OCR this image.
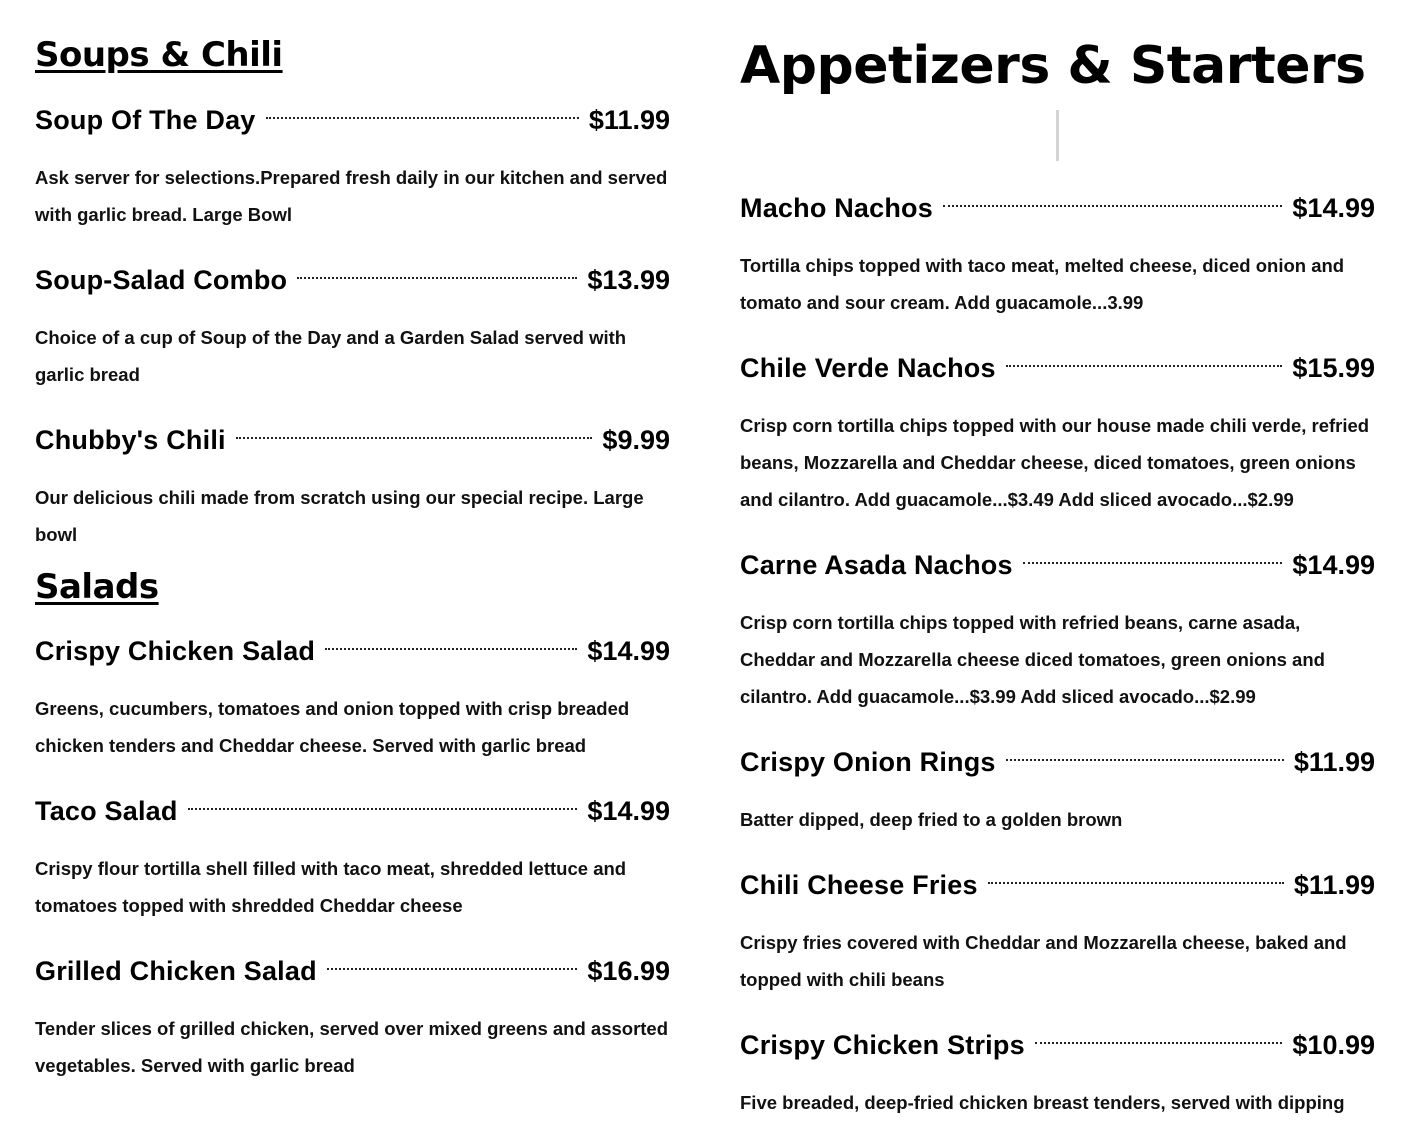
Soups & Chili
Soup Of The Day	$11.99
Ask server for selections.Prepared fresh daily in our kitchen and served with garlic bread. Large Bowl
Soup-Salad Combo	$13.99
Choice of a cup of Soup of the Day and a Garden Salad served with garlic bread
Chubby's Chili	$9.99
Our delicious chili made from scratch using our special recipe. Large bowl
Salads
Crispy Chicken Salad	$14.99
Greens, cucumbers, tomatoes and onion topped with crisp breaded chicken tenders and Cheddar cheese. Served with garlic bread
Taco Salad	$14.99
Crispy flour tortilla shell filled with taco meat, shredded lettuce and tomatoes topped with shredded Cheddar cheese
Grilled Chicken Salad	$16.99
Tender slices of grilled chicken, served over mixed greens and assorted vegetables. Served with garlic bread
Appetizers & Starters
Macho Nachos	$14.99
Tortilla chips topped with taco meat, melted cheese, diced onion and tomato and sour cream. Add guacamole...3.99
Chile Verde Nachos	$15.99
Crisp corn tortilla chips topped with our house made chili verde, refried beans, Mozzarella and Cheddar cheese, diced tomatoes, green onions and cilantro. Add guacamole...$3.49 Add sliced avocado...$2.99
Carne Asada Nachos	$14.99
Crisp corn tortilla chips topped with refried beans, carne asada, Cheddar and Mozzarella cheese diced tomatoes, green onions and cilantro. Add guacamole...$3.99 Add sliced avocado...$2.99
Crispy Onion Rings	$11.99
Batter dipped, deep fried to a golden brown
Chili Cheese Fries	$11.99
Crispy fries covered with Cheddar and Mozzarella cheese, baked and topped with chili beans
Crispy Chicken Strips	$10.99
Five breaded, deep-fried chicken breast tenders, served with dipping
